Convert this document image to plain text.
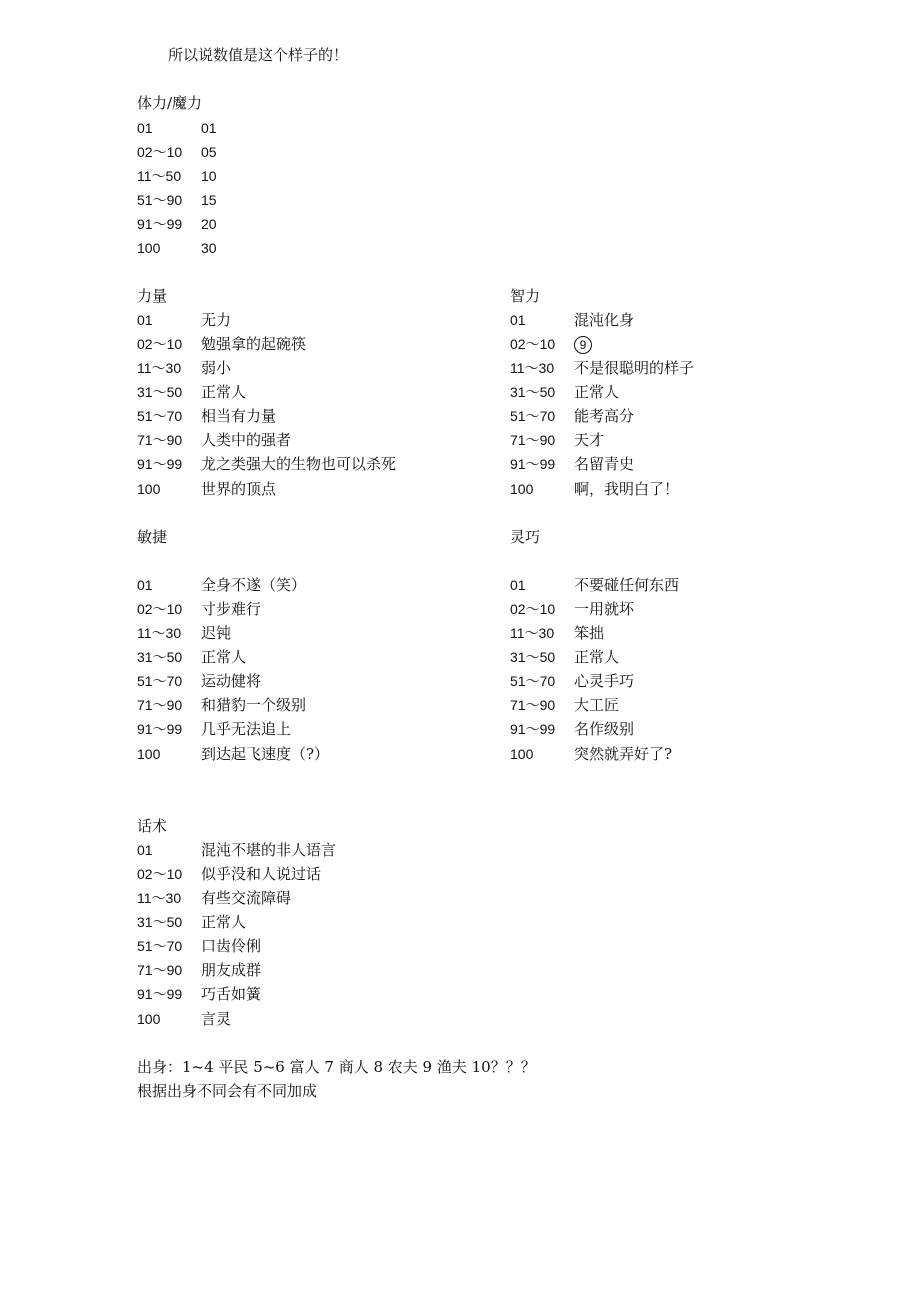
所以说数值是这个样子的！
体力/魔力
01	01
02～10 05
11～50 10
51～90 15
91～99 20
100	30
力量
01	无力
02～10 勉强拿的起碗筷
11～30 弱小
31～50 正常人
51～70 相当有力量
71～90 人类中的强者
91～99 龙之类强大的生物也可以杀死
100	世界的顶点
智力
01	混沌化身
02～10	9
11～30 不是很聪明的样子
31～50 正常人
51～70 能考高分
71～90 天才
91～99 名留青史
100	啊，我明白了！
敏捷
01	全身不遂（笑）
02～10 寸步难行
11～30 迟钝
31～50 正常人
51～70 运动健将
71～90 和猎豹一个级别
91～99 几乎无法追上
100	到达起飞速度（?）
灵巧
01	不要碰任何东西
02～10 一用就坏
11～30 笨拙
31～50 正常人
51～70 心灵手巧
71～90 大工匠
91～99 名作级别
100	突然就弄好了?
话术
01	混沌不堪的非人语言
02～10 似乎没和人说过话
11～30 有些交流障碍
31～50 正常人
51～70 口齿伶俐
71～90 朋友成群
91～99 巧舌如簧
100	言灵
出身：1~4 平民 5~6 富人 7 商人 8 农夫 9 渔夫 10？？？
根据出身不同会有不同加成
